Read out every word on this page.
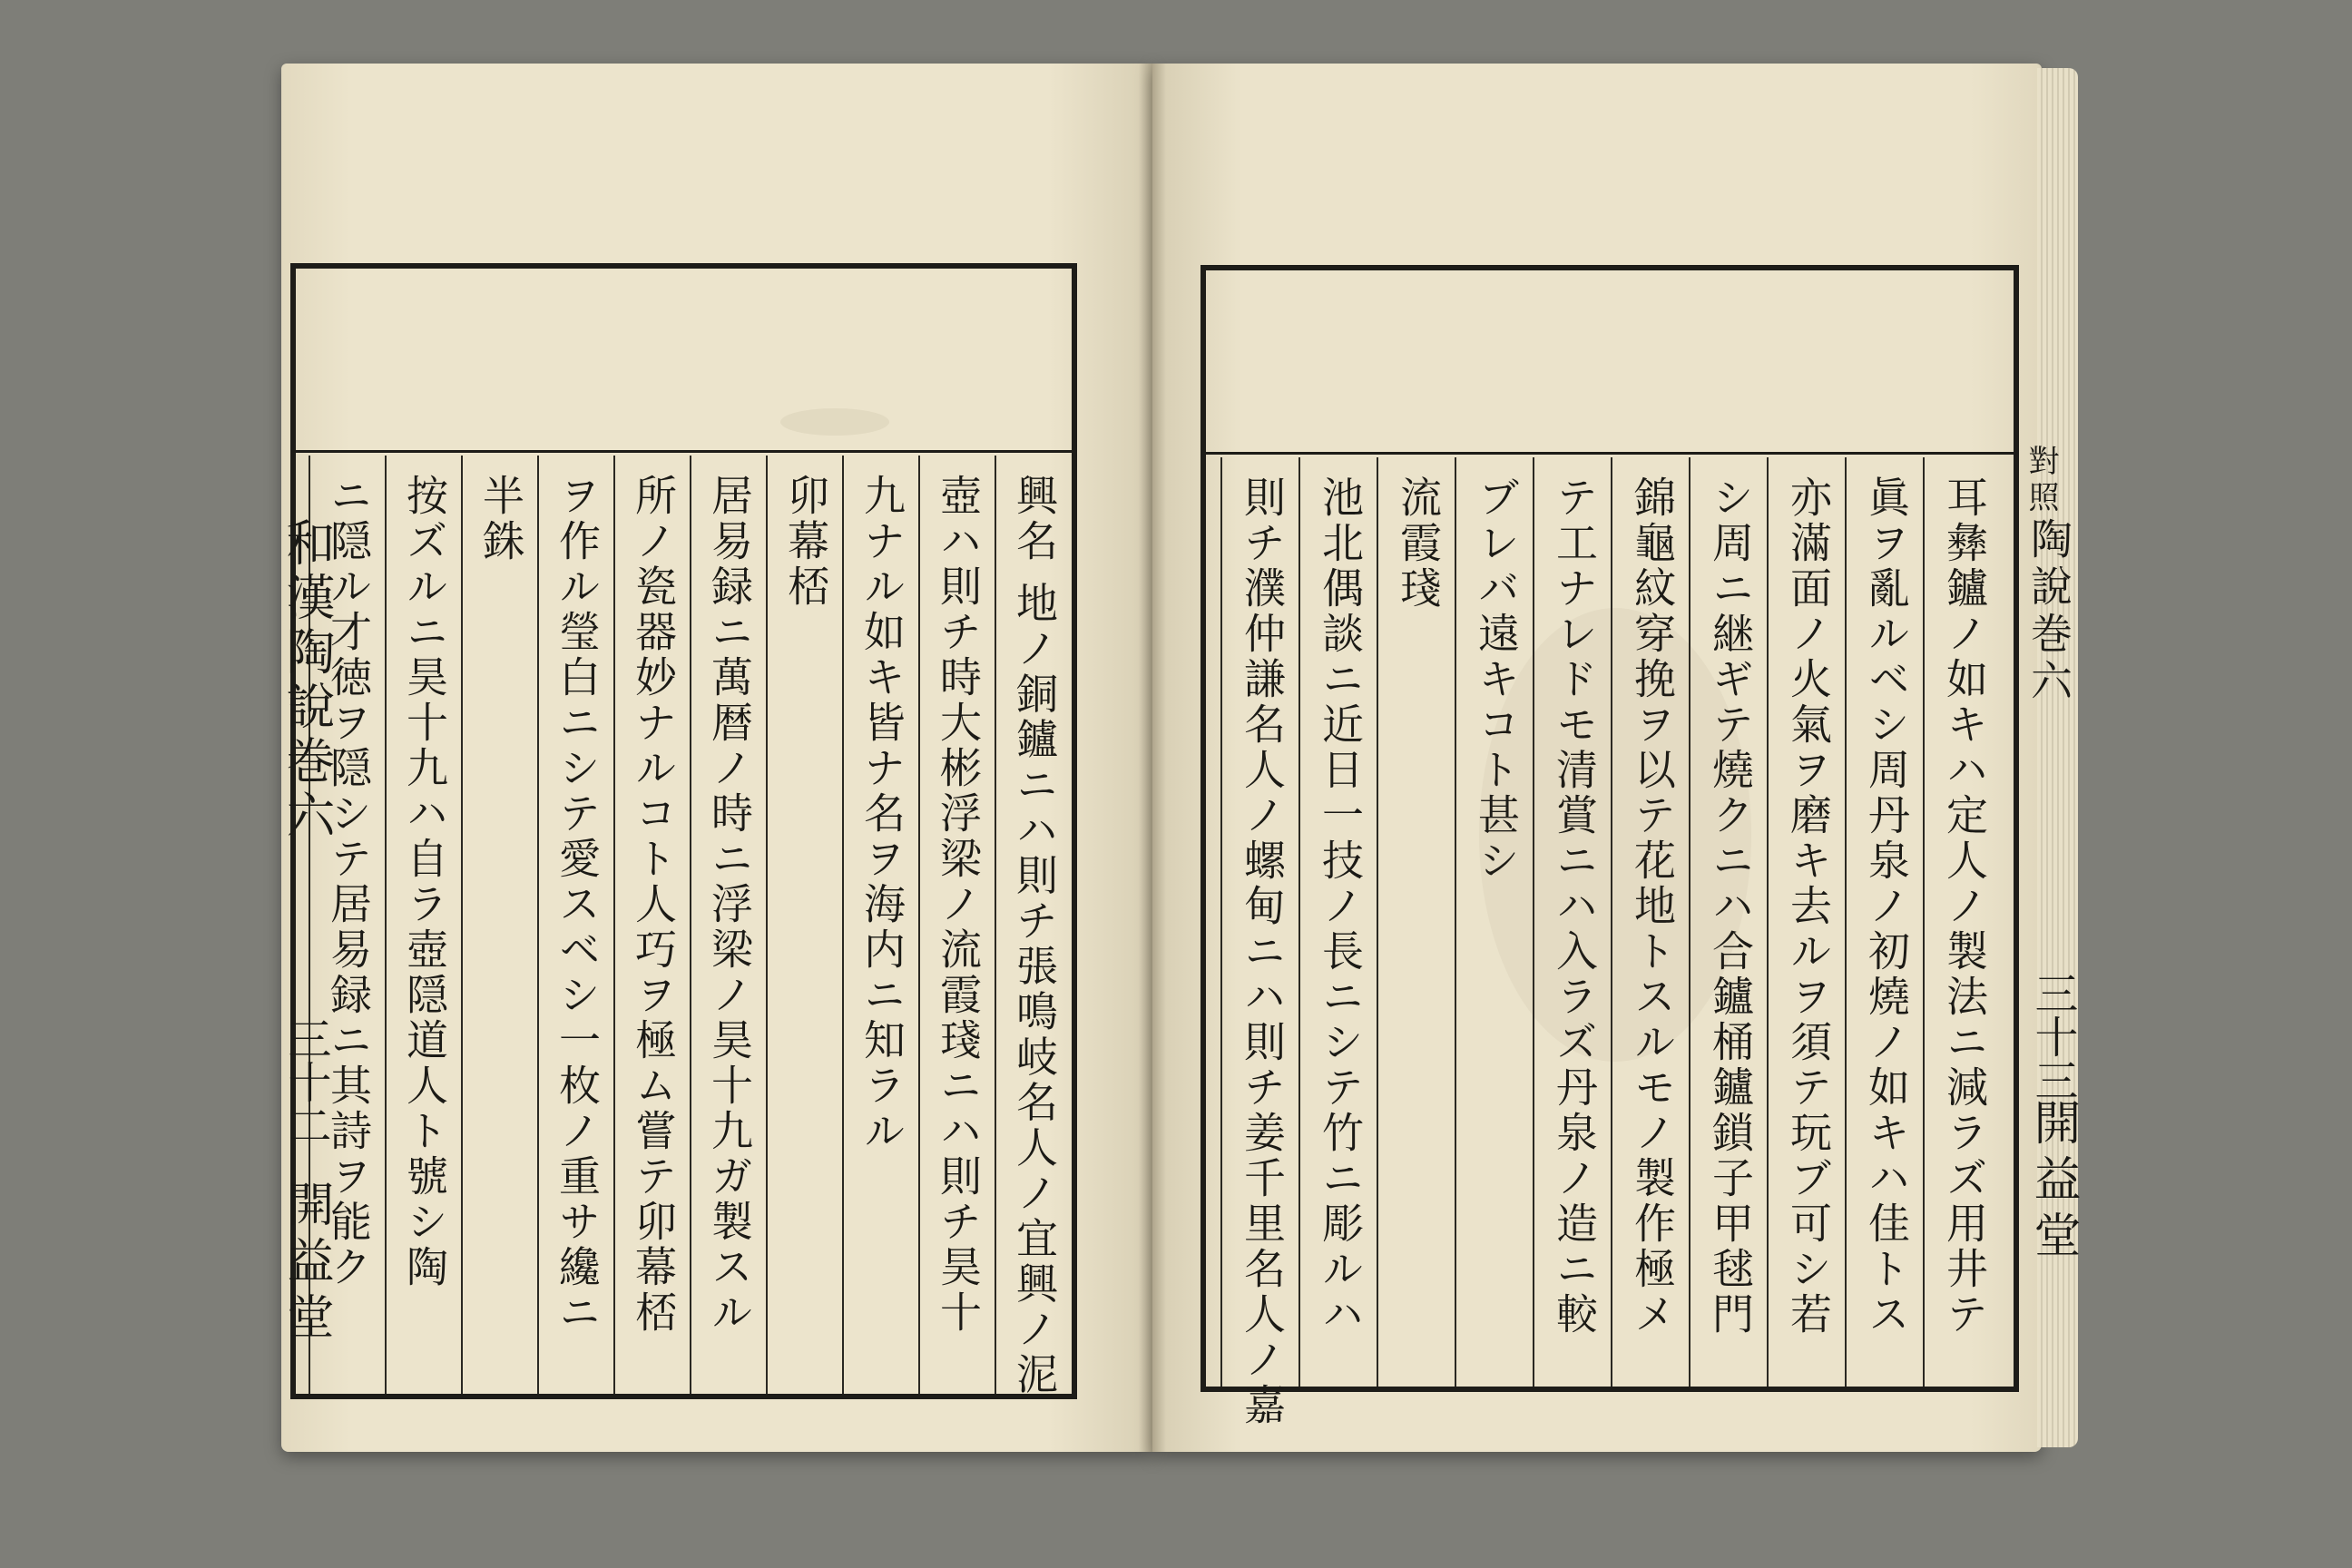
興名 地ノ銅鑪ニハ則チ張鳴岐名人ノ宜興ノ泥
壺ハ則チ時大彬浮梁ノ流霞琖ニハ則チ昊十
九ナル如キ皆ナ名ヲ海内ニ知ラル
卯幕桮
居易録ニ萬暦ノ時ニ浮梁ノ昊十九ガ製スル
所ノ瓷器妙ナルコト人巧ヲ極ム嘗テ卯幕桮
ヲ作ル瑩白ニシテ愛スベシ一枚ノ重サ纔ニ
半銖
按ズルニ昊十九ハ自ラ壺隠道人ト號シ陶
ニ隠ル才徳ヲ隠シテ居易録ニ其詩ヲ能ク
和漢陶說巻六
三十二
開益堂	耳彝鑪ノ如キハ定人ノ製法ニ減ラズ用井テ
眞ヲ亂ルベシ周丹泉ノ初燒ノ如キハ佳トス
亦滿面ノ火氣ヲ磨キ去ルヲ須テ玩ブ可シ若
シ周ニ継ギテ燒クニハ合鑪桶鑪鎖子甲毬門
錦龜紋穿挽ヲ以テ花地トスルモノ製作極メ
テ工ナレドモ清賞ニハ入ラズ丹泉ノ造ニ較
ブレバ遠キコト甚シ
流霞琖
池北偶談ニ近日一技ノ長ニシテ竹ニ彫ルハ
則チ濮仲謙名人ノ螺甸ニハ則チ姜千里名人ノ嘉	陶說巻六
對照
三十三
開益堂
